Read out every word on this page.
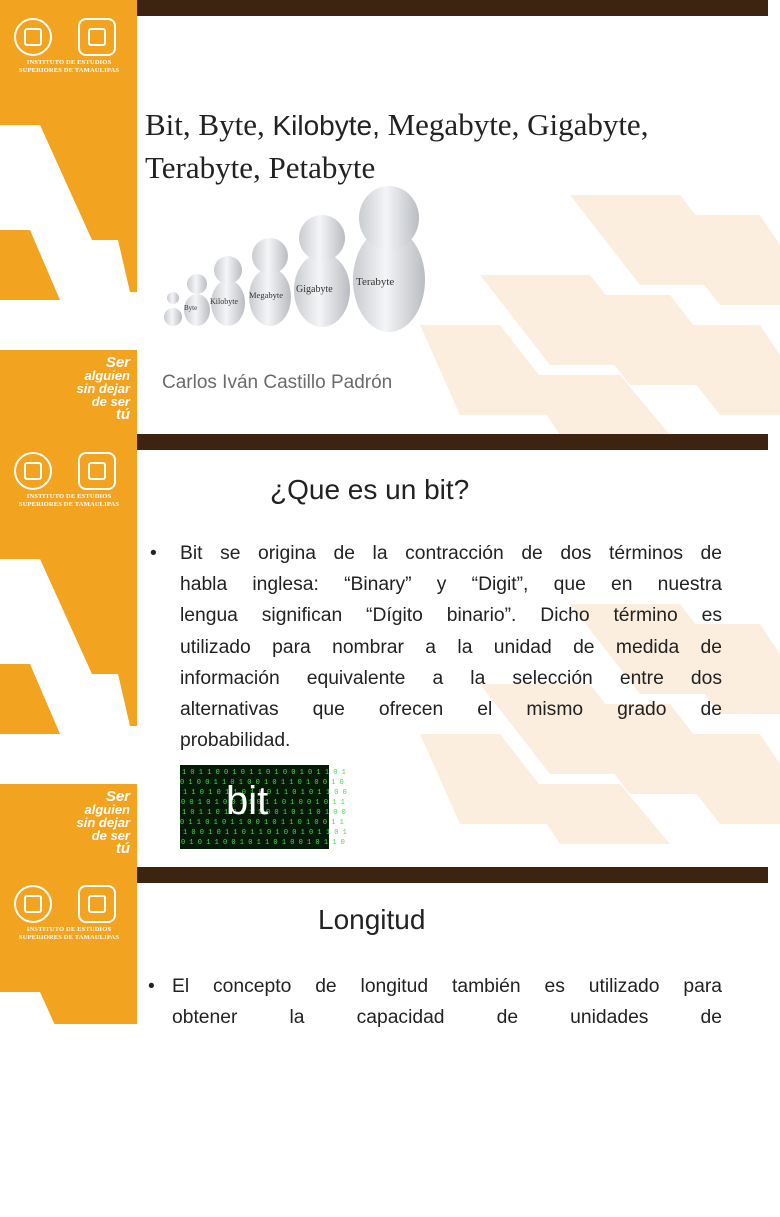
INSTITUTO DE ESTUDIOS
SUPERIORES DE TAMAULIPAS
Ser
alguien
sin dejar
de ser
tú
Bit, Byte, Kilobyte, Megabyte, Gigabyte,
Terabyte, Petabyte
Byte
Kilobyte
Megabyte Gigabyte
Terabyte
Carlos Iván Castillo Padrón
INSTITUTO DE ESTUDIOS
SUPERIORES DE TAMAULIPAS
Ser
alguien
sin dejar
de ser
tú
¿Que es un bit?
• Bit se origina de la contracción de dos términos de
habla inglesa: “Binary” y “Digit”, que en nuestra
lengua significan “Dígito binario”. Dicho término es
utilizado para nombrar a la unidad de medida de
información equivalente a la selección entre dos
alternativas que ofrecen el mismo grado de
probabilidad.
1 0 1 1 0 0 1 0 1 1 0 1 0 0 1 0 1 1 0 1
0 1 0 0 1 1 0 1 0 0 1 0 1 1 0 1 0 0 1 0
1 1 0 1 0 1 1 0 1 0 0 1 1 0 1 0 1 1 0 0
0 0 1 0 1 0 0 1 1 0 1 1 0 1 0 0 1 0 1 1
1 0 1 1 0 1 0 0 1 1 0 0 1 0 1 1 0 1 0 0
0 1 1 0 1 0 1 1 0 0 1 0 1 1 0 1 0 0 1 1
1 0 0 1 0 1 1 0 1 1 0 1 0 0 1 0 1 1 0 1
0 1 0 1 1 0 0 1 0 1 1 0 1 0 0 1 0 1 1 0
bit
INSTITUTO DE ESTUDIOS
SUPERIORES DE TAMAULIPAS
Longitud
• El concepto de longitud también es utilizado para
obtener la capacidad de unidades de
